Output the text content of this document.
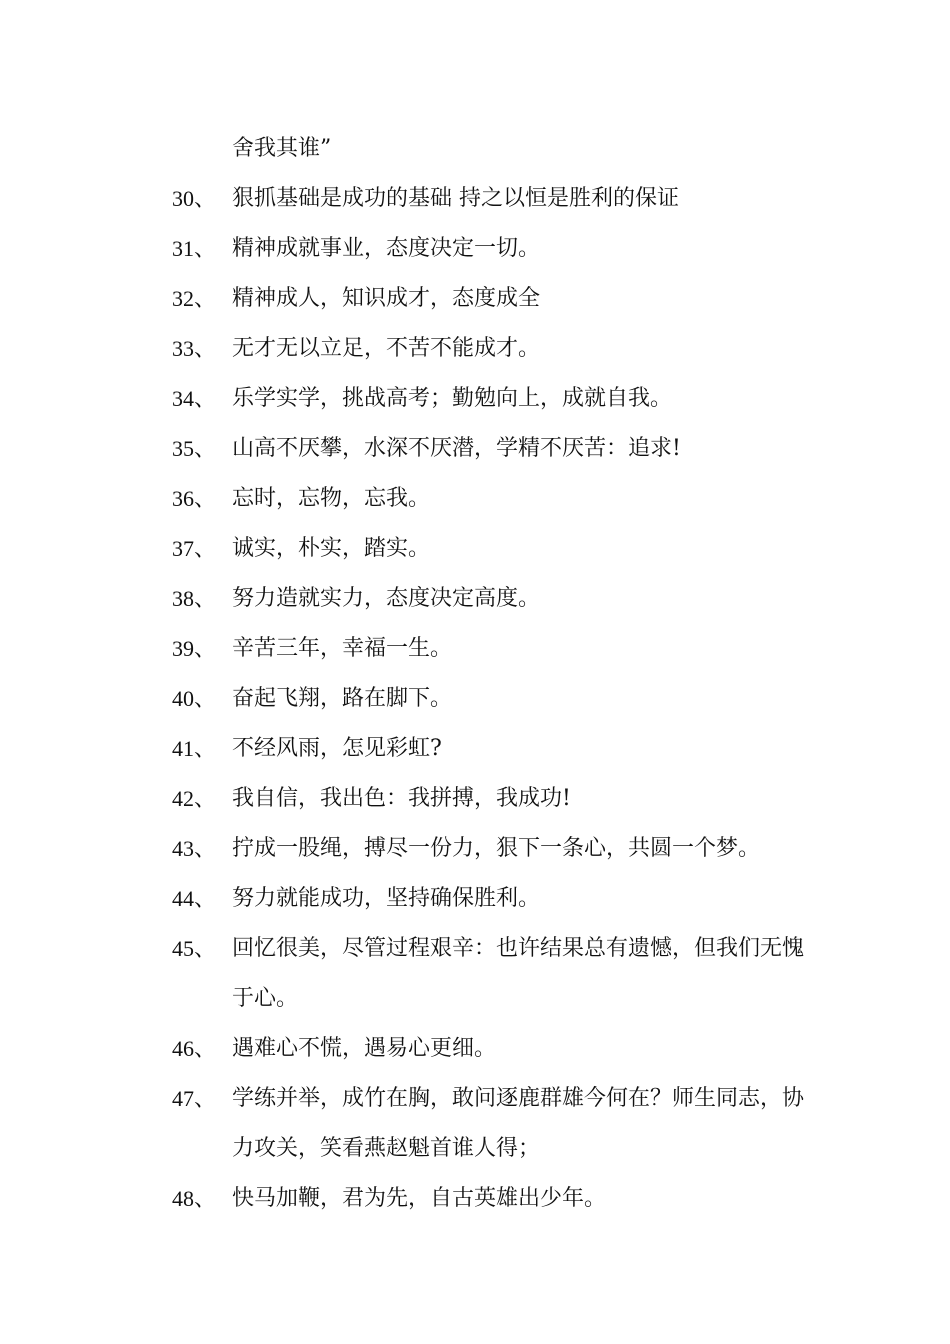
舍我其谁”
30、 狠抓基础是成功的基础 持之以恒是胜利的保证
31、 精神成就事业，态度决定一切。
32、 精神成人，知识成才，态度成全
33、 无才无以立足，不苦不能成才。
34、 乐学实学，挑战高考；勤勉向上，成就自我。
35、 山高不厌攀，水深不厌潜，学精不厌苦：追求!
36、 忘时，忘物，忘我。
37、 诚实，朴实，踏实。
38、 努力造就实力，态度决定高度。
39、 辛苦三年，幸福一生。
40、 奋起飞翔，路在脚下。
41、 不经风雨，怎见彩虹?
42、 我自信，我出色：我拼搏，我成功!
43、 拧成一股绳，搏尽一份力，狠下一条心，共圆一个梦。
44、 努力就能成功，坚持确保胜利。
45、 回忆很美，尽管过程艰辛：也许结果总有遗憾，但我们无愧于心。
46、 遇难心不慌，遇易心更细。
47、 学练并举，成竹在胸，敢问逐鹿群雄今何在？师生同志，协力攻关，笑看燕赵魁首谁人得；
48、 快马加鞭，君为先，自古英雄出少年。
